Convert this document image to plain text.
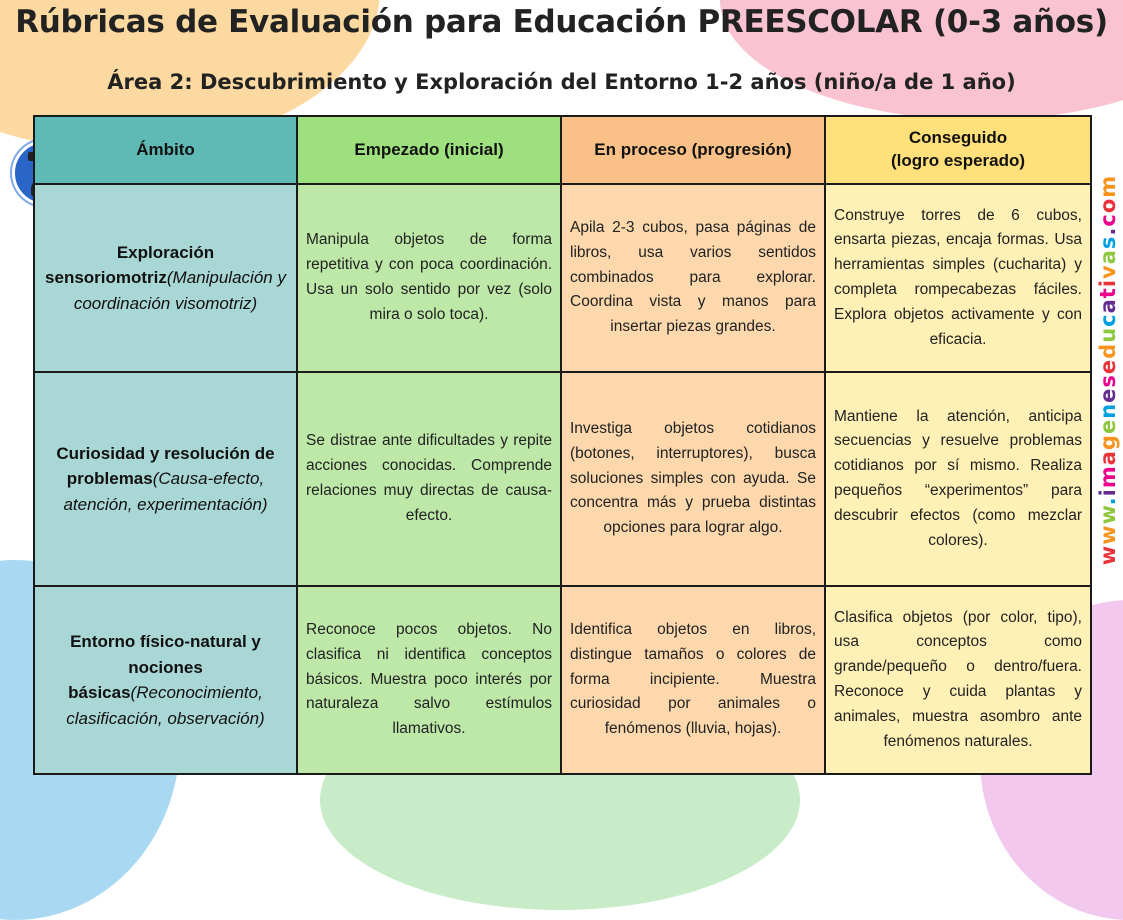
Rúbricas de Evaluación para Educación PREESCOLAR (0-3 años)
Área 2: Descubrimiento y Exploración del Entorno 1-2 años (niño/a de 1 año)
www.imageneseducativas.com
Ámbito	Empezado (inicial)	En proceso (progresión)	Conseguido
(logro esperado)
Exploración sensoriomotriz(Manipulación y coordinación visomotriz)	Manipula objetos de forma repetitiva y con poca coordinación. Usa un solo sentido por vez (solo mira o solo toca).	Apila 2-3 cubos, pasa páginas de libros, usa varios sentidos combinados para explorar. Coordina vista y manos para insertar piezas grandes.	Construye torres de 6 cubos, ensarta piezas, encaja formas. Usa herramientas simples (cucharita) y completa rompecabezas fáciles. Explora objetos activamente y con eficacia.
Curiosidad y resolución de problemas(Causa-efecto, atención, experimentación)	Se distrae ante dificultades y repite acciones conocidas. Comprende relaciones muy directas de causa-efecto.	Investiga objetos cotidianos (botones, interruptores), busca soluciones simples con ayuda. Se concentra más y prueba distintas opciones para lograr algo.	Mantiene la atención, anticipa secuencias y resuelve problemas cotidianos por sí mismo. Realiza pequeños “experimentos” para descubrir efectos (como mezclar colores).
Entorno físico-natural y nociones básicas(Reconocimiento, clasificación, observación)	Reconoce pocos objetos. No clasifica ni identifica conceptos básicos. Muestra poco interés por naturaleza salvo estímulos llamativos.	Identifica objetos en libros, distingue tamaños o colores de forma incipiente. Muestra curiosidad por animales o fenómenos (lluvia, hojas).	Clasifica objetos (por color, tipo), usa conceptos como grande/pequeño o dentro/fuera. Reconoce y cuida plantas y animales, muestra asombro ante fenómenos naturales.
